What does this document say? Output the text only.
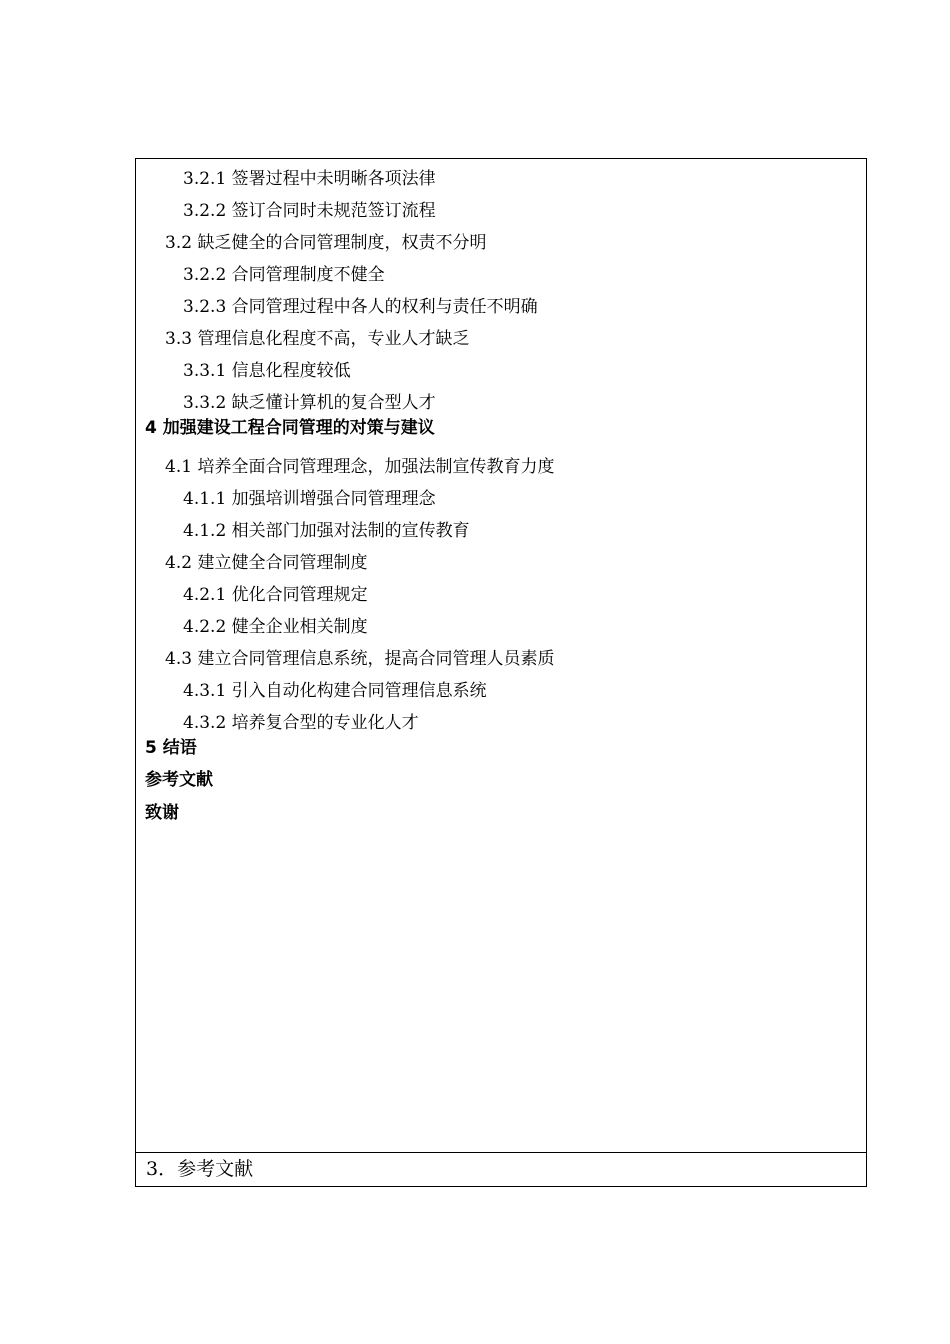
3.2.1 签署过程中未明晰各项法律
3.2.2 签订合同时未规范签订流程
3.2 缺乏健全的合同管理制度，权责不分明
3.2.2 合同管理制度不健全
3.2.3 合同管理过程中各人的权利与责任不明确
3.3 管理信息化程度不高，专业人才缺乏
3.3.1 信息化程度较低
3.3.2 缺乏懂计算机的复合型人才
4 加强建设工程合同管理的对策与建议
4.1 培养全面合同管理理念，加强法制宣传教育力度
4.1.1 加强培训增强合同管理理念
4.1.2 相关部门加强对法制的宣传教育
4.2 建立健全合同管理制度
4.2.1 优化合同管理规定
4.2.2 健全企业相关制度
4.3 建立合同管理信息系统，提高合同管理人员素质
4.3.1 引入自动化构建合同管理信息系统
4.3.2 培养复合型的专业化人才
5 结语
参考文献
致谢
3．参考文献
